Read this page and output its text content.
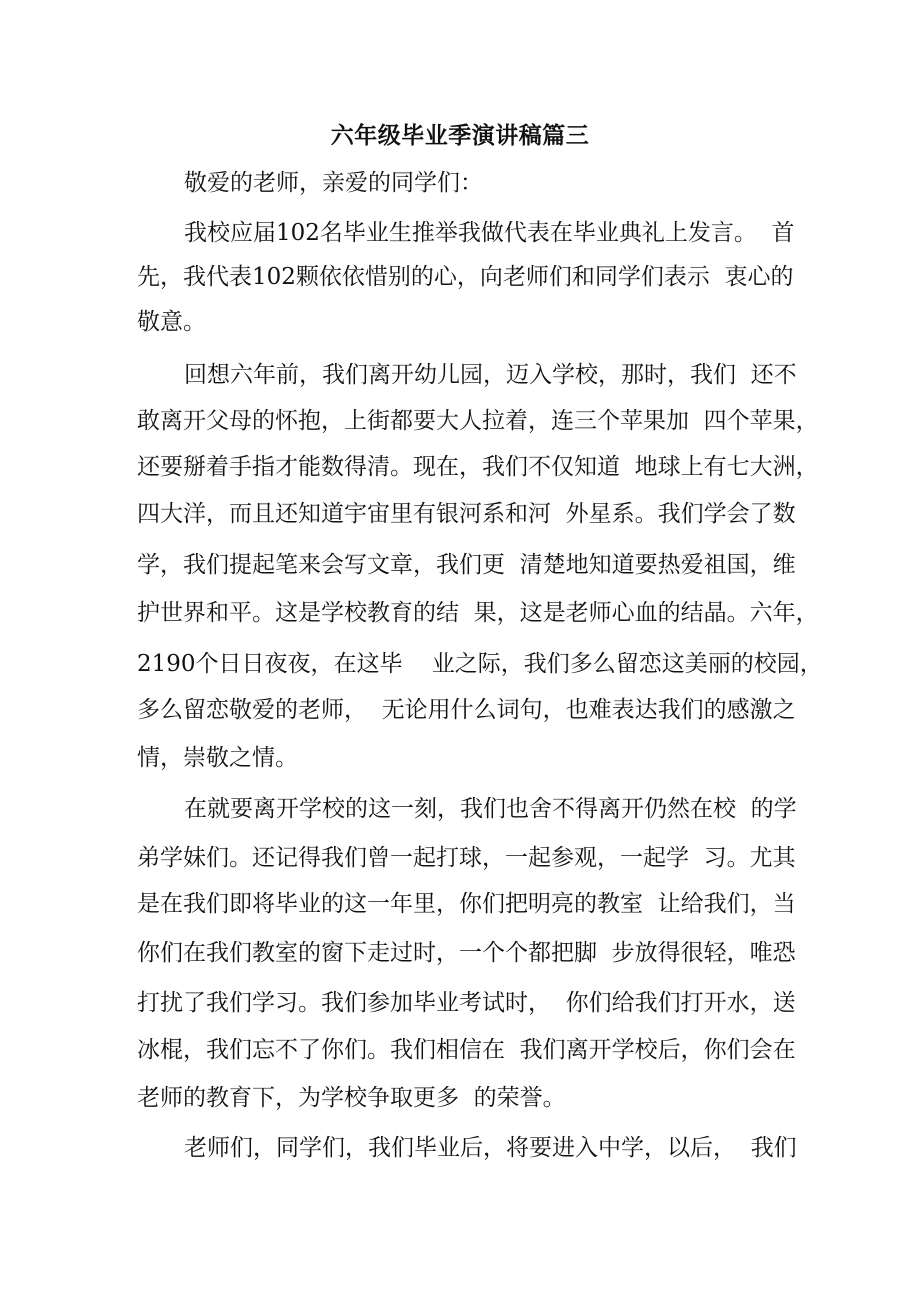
六年级毕业季演讲稿篇三
敬爱的老师，亲爱的同学们：
我校应届102名毕业生推举我做代表在毕业典礼上发言。  首
先，我代表102颗依依惜别的心，向老师们和同学们表示  衷心的
敬意。
回想六年前，我们离开幼儿园，迈入学校，那时，我们  还不
敢离开父母的怀抱，上街都要大人拉着，连三个苹果加  四个苹果，
还要掰着手指才能数得清。现在，我们不仅知道  地球上有七大洲，
四大洋，而且还知道宇宙里有银河系和河  外星系。我们学会了数
学，我们提起笔来会写文章，我们更  清楚地知道要热爱祖国，维
护世界和平。这是学校教育的结  果，这是老师心血的结晶。六年，
2190个日日夜夜，在这毕    业之际，我们多么留恋这美丽的校园，
多么留恋敬爱的老师，  无论用什么词句，也难表达我们的感激之
情，崇敬之情。
在就要离开学校的这一刻，我们也舍不得离开仍然在校  的学
弟学妹们。还记得我们曾一起打球，一起参观，一起学  习。尤其
是在我们即将毕业的这一年里，你们把明亮的教室  让给我们，当
你们在我们教室的窗下走过时，一个个都把脚  步放得很轻，唯恐
打扰了我们学习。我们参加毕业考试时，  你们给我们打开水，送
冰棍，我们忘不了你们。我们相信在  我们离开学校后，你们会在
老师的教育下，为学校争取更多  的荣誉。
老师们，同学们，我们毕业后，将要进入中学，以后，  我们
